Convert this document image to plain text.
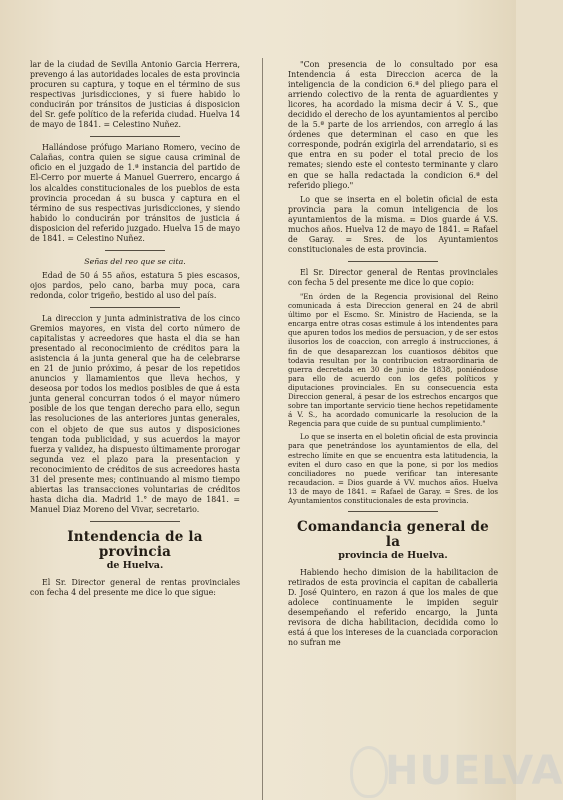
lar de la ciudad de Sevilla Antonio Garcia Herrera, prevengo á las autoridades locales de esta provincia procuren su captura, y toque en el término de sus respectivas jurisdicciones, y si fuere habido lo conducirán por tránsitos de justicias á disposicion del Sr. gefe político de la referida ciudad. Huelva 14 de mayo de 1841. = Celestino Nuñez.

Hallándose prófugo Mariano Romero, vecino de Calañas, contra quien se sigue causa criminal de oficio en el juzgado de 1.ª instancia del partido de El-Cerro por muerte á Manuel Guerrero, encargo á los alcaldes constitucionales de los pueblos de esta provincia procedan á su busca y captura en el término de sus respectivas jurisdicciones, y siendo habido lo conducirán por tránsitos de justicia á disposicion del referido juzgado. Huelva 15 de mayo de 1841. = Celestino Nuñez.

Señas del reo que se cita.

Edad de 50 á 55 años, estatura 5 pies escasos, ojos pardos, pelo cano, barba muy poca, cara redonda, color trigeño, bestido al uso del país.

La direccion y junta administrativa de los cinco Gremios mayores, en vista del corto número de capitalistas y acreedores que hasta el dia se han presentado al reconocimiento de créditos para la asistencia á la junta general que ha de celebrarse en 21 de junio próximo, á pesar de los repetidos anuncios y llamamientos que lleva hechos, y deseosa por todos los medios posibles de que á esta junta general concurran todos ó el mayor número posible de los que tengan derecho para ello, segun las resoluciones de las anteriores juntas generales, con el objeto de que sus autos y disposiciones tengan toda publicidad, y sus acuerdos la mayor fuerza y validez, ha dispuesto últimamente prorogar segunda vez el plazo para la presentacion y reconocimiento de créditos de sus acreedores hasta 31 del presente mes; continuando al mismo tiempo abiertas las transacciones voluntarias de créditos hasta dicha dia. Madrid 1.° de mayo de 1841. = Manuel Diaz Moreno del Vivar, secretario.

Intendencia de la provincia

de Huelva.

El Sr. Director general de rentas provinciales con fecha 4 del presente me dice lo que sigue:

"Con presencia de lo consultado por esa Intendencia á esta Direccion acerca de la inteligencia de la condicion 6.ª del pliego para el arriendo colectivo de la renta de aguardientes y licores, ha acordado la misma decir á V. S., que decidido el derecho de los ayuntamientos al percibo de la 5.ª parte de los arriendos, con arreglo á las órdenes que determinan el caso en que les corresponde, podrán exigirla del arrendatario, si es que entra en su poder el total precio de los remates; siendo este el contesto terminante y claro en que se halla redactada la condicion 6.ª del referido pliego."

Lo que se inserta en el boletin oficial de esta provincia para la comun inteligencia de los ayuntamientos de la misma. = Dios guarde á V.S. muchos años. Huelva 12 de mayo de 1841. = Rafael de Garay. = Sres. de los Ayuntamientos constitucionales de esta provincia.

El Sr. Director general de Rentas provinciales con fecha 5 del presente me dice lo que copio:

"En órden de la Regencia provisional del Reino comunicada á esta Direccion general en 24 de abril último por el Escmo. Sr. Ministro de Hacienda, se la encarga entre otras cosas estimule á los intendentes para que apuren todos los medios de persuacion, y de ser estos ilusorios los de coaccion, con arreglo á instrucciones, á fin de que desaparezcan los cuantiosos débitos que todavia resultan por la contribucion estraordinaria de guerra decretada en 30 de junio de 1838, poniéndose para ello de acuerdo con los gefes políticos y diputaciones provinciales. En su consecuencia esta Direccion general, á pesar de los estrechos encargos que sobre tan importante servicio tiene hechos repetidamente á V. S., ha acordado comunicarle la resolucion de la Regencia para que cuide de su puntual cumplimiento."

Lo que se inserta en el boletin oficial de esta provincia para que penetrándose los ayuntamientos de ella, del estrecho límite en que se encuentra esta latitudencia, la eviten el duro caso en que la pone, si por los medios conciliadores no puede verificar tan interesante recaudacion. = Dios guarde á VV. muchos años. Huelva 13 de mayo de 1841. = Rafael de Garay. = Sres. de los Ayuntamientos constitucionales de esta provincia.

Comandancia general de la

provincia de Huelva.

Habiendo hecho dimision de la habilitacion de retirados de esta provincia el capitan de caballeria D. José Quintero, en razon á que los males de que adolece continuamente le impiden seguir desempeñando el referido encargo, la Junta revisora de dicha habilitacion, decidida como lo está á que los intereses de la cuanciada corporacion no sufran me

HUELVA
